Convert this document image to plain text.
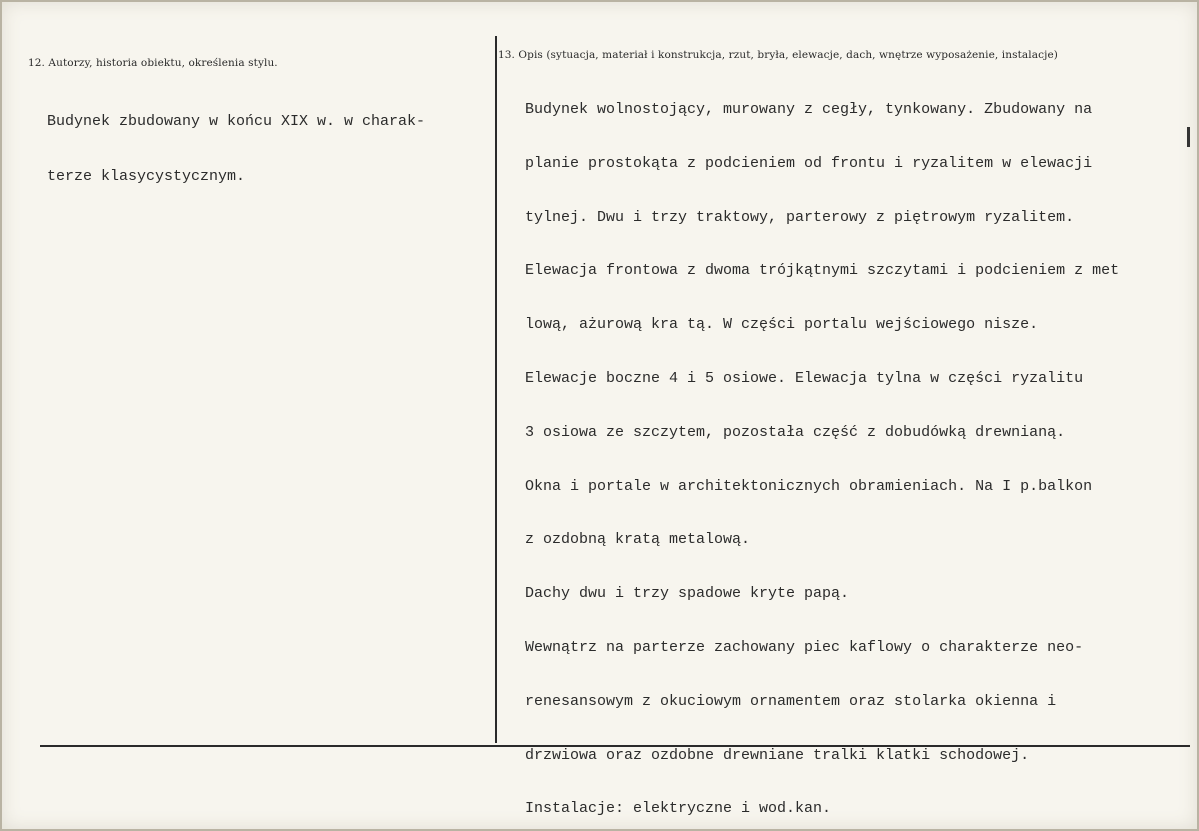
12. Autorzy, historia obiektu, określenia stylu.

Budynek zbudowany w końcu XIX w. w charak-

terze klasycystycznym.

13. Opis (sytuacja, materiał i konstrukcja, rzut, bryła, elewacje, dach, wnętrze wyposażenie, instalacje)

Budynek wolnostojący, murowany z cegły, tynkowany. Zbudowany na

planie prostokąta z podcieniem od frontu i ryzalitem w elewacji

tylnej. Dwu i trzy traktowy, parterowy z piętrowym ryzalitem.

Elewacja frontowa z dwoma trójkątnymi szczytami i podcieniem z met

lową, ażurową kra tą. W części portalu wejściowego nisze.

Elewacje boczne 4 i 5 osiowe. Elewacja tylna w części ryzalitu

3 osiowa ze szczytem, pozostała część z dobudówką drewnianą.

Okna i portale w architektonicznych obramieniach. Na I p.balkon

z ozdobną kratą metalową.

Dachy dwu i trzy spadowe kryte papą.

Wewnątrz na parterze zachowany piec kaflowy o charakterze neo-

renesansowym z okuciowym ornamentem oraz stolarka okienna i

drzwiowa oraz ozdobne drewniane tralki klatki schodowej.

Instalacje: elektryczne i wod.kan.
